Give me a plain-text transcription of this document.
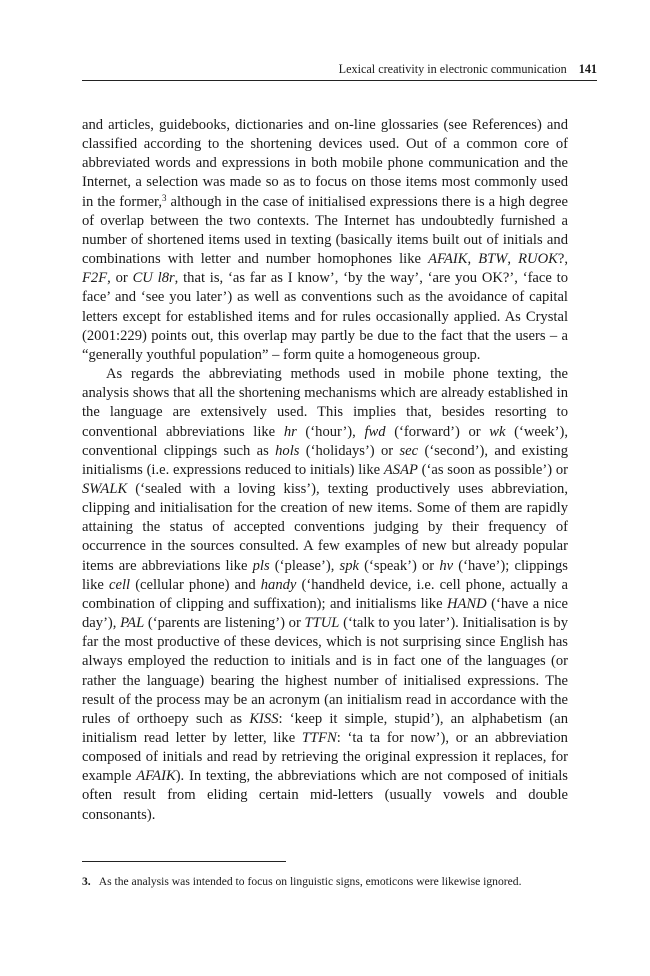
Lexical creativity in electronic communication 141

and articles, guidebooks, dictionaries and on-line glossaries (see References) and classified according to the shortening devices used. Out of a common core of abbreviated words and expressions in both mobile phone communication and the Internet, a selection was made so as to focus on those items most commonly used in the former,$^3$ although in the case of initialised expressions there is a high degree of overlap between the two contexts. The Internet has undoubtedly furnished a number of shortened items used in texting (basically items built out of initials and combinations with letter and number homophones like AFAIK, BTW, RUOK?, F2F, or CU l8r, that is, ‘as far as I know’, ‘by the way’, ‘are you OK?’, ‘face to face’ and ‘see you later’) as well as conventions such as the avoidance of capital letters except for established items and for rules occasionally applied. As Crystal (2001:229) points out, this overlap may partly be due to the fact that the users – a “generally youthful population” – form quite a homogeneous group.

As regards the abbreviating methods used in mobile phone texting, the analysis shows that all the shortening mechanisms which are already established in the language are extensively used. This implies that, besides resorting to conventional abbreviations like hr (‘hour’), fwd (‘forward’) or wk (‘week’), conventional clippings such as hols (‘holidays’) or sec (‘second’), and existing initialisms (i.e. expressions reduced to initials) like ASAP (‘as soon as possible’) or SWALK (‘sealed with a loving kiss’), texting productively uses abbreviation, clipping and initialisation for the creation of new items. Some of them are rapidly attaining the status of accepted conventions judging by their frequency of occurrence in the sources consulted. A few examples of new but already popular items are abbreviations like pls (‘please’), spk (‘speak’) or hv (‘have’); clippings like cell (cellular phone) and handy (‘handheld device, i.e. cell phone, actually a combination of clipping and suffixation); and initialisms like HAND (‘have a nice day’), PAL (‘parents are listening’) or TTUL (‘talk to you later’). Initialisation is by far the most productive of these devices, which is not surprising since English has always employed the reduction to initials and is in fact one of the languages (or rather the language) bearing the highest number of initialised expressions. The result of the process may be an acronym (an initialism read in accordance with the rules of orthoepy such as KISS: ‘keep it simple, stupid’), an alphabetism (an initialism read letter by letter, like TTFN: ‘ta ta for now’), or an abbreviation composed of initials and read by retrieving the original expression it replaces, for example AFAIK). In texting, the abbreviations which are not composed of initials often result from eliding certain mid-letters (usually vowels and double consonants).

3. As the analysis was intended to focus on linguistic signs, emoticons were likewise ignored.
